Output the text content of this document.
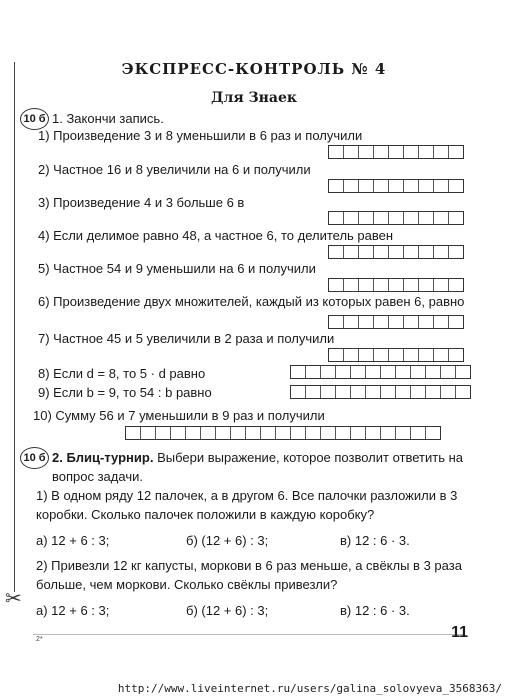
ЭКСПРЕСС-КОНТРОЛЬ № 4
Для Знаек
10 б 1. Закончи запись.
1) Произведение 3 и 8 уменьшили в 6 раз и получили
2) Частное 16 и 8 увеличили на 6 и получили
3) Произведение 4 и 3 больше 6 в
4) Если делимое равно 48, а частное 6, то делитель равен
5) Частное 54 и 9 уменьшили на 6 и получили
6) Произведение двух множителей, каждый из которых равен 6, равно
7) Частное 45 и 5 увеличили в 2 раза и получили
8) Если d = 8, то 5 · d равно
9) Если b = 9, то 54 : b равно
10) Сумму 56 и 7 уменьшили в 9 раз и получили
10 б 2. Блиц-турнир. Выбери выражение, которое позволит ответить на вопрос задачи.
1) В одном ряду 12 палочек, а в другом 6. Все палочки разложили в 3 коробки. Сколько палочек положили в каждую коробку?
а) 12 + 6 : 3;	б) (12 + 6) : 3;	в) 12 : 6 · 3.
2) Привезли 12 кг капусты, моркови в 6 раз меньше, а свёклы в 3 раза больше, чем моркови. Сколько свёклы привезли?
✂
а) 12 + 6 : 3;	б) (12 + 6) : 3;	в) 12 : 6 · 3.
2*	11
http://www.liveinternet.ru/users/galina_solovyeva_3568363/
